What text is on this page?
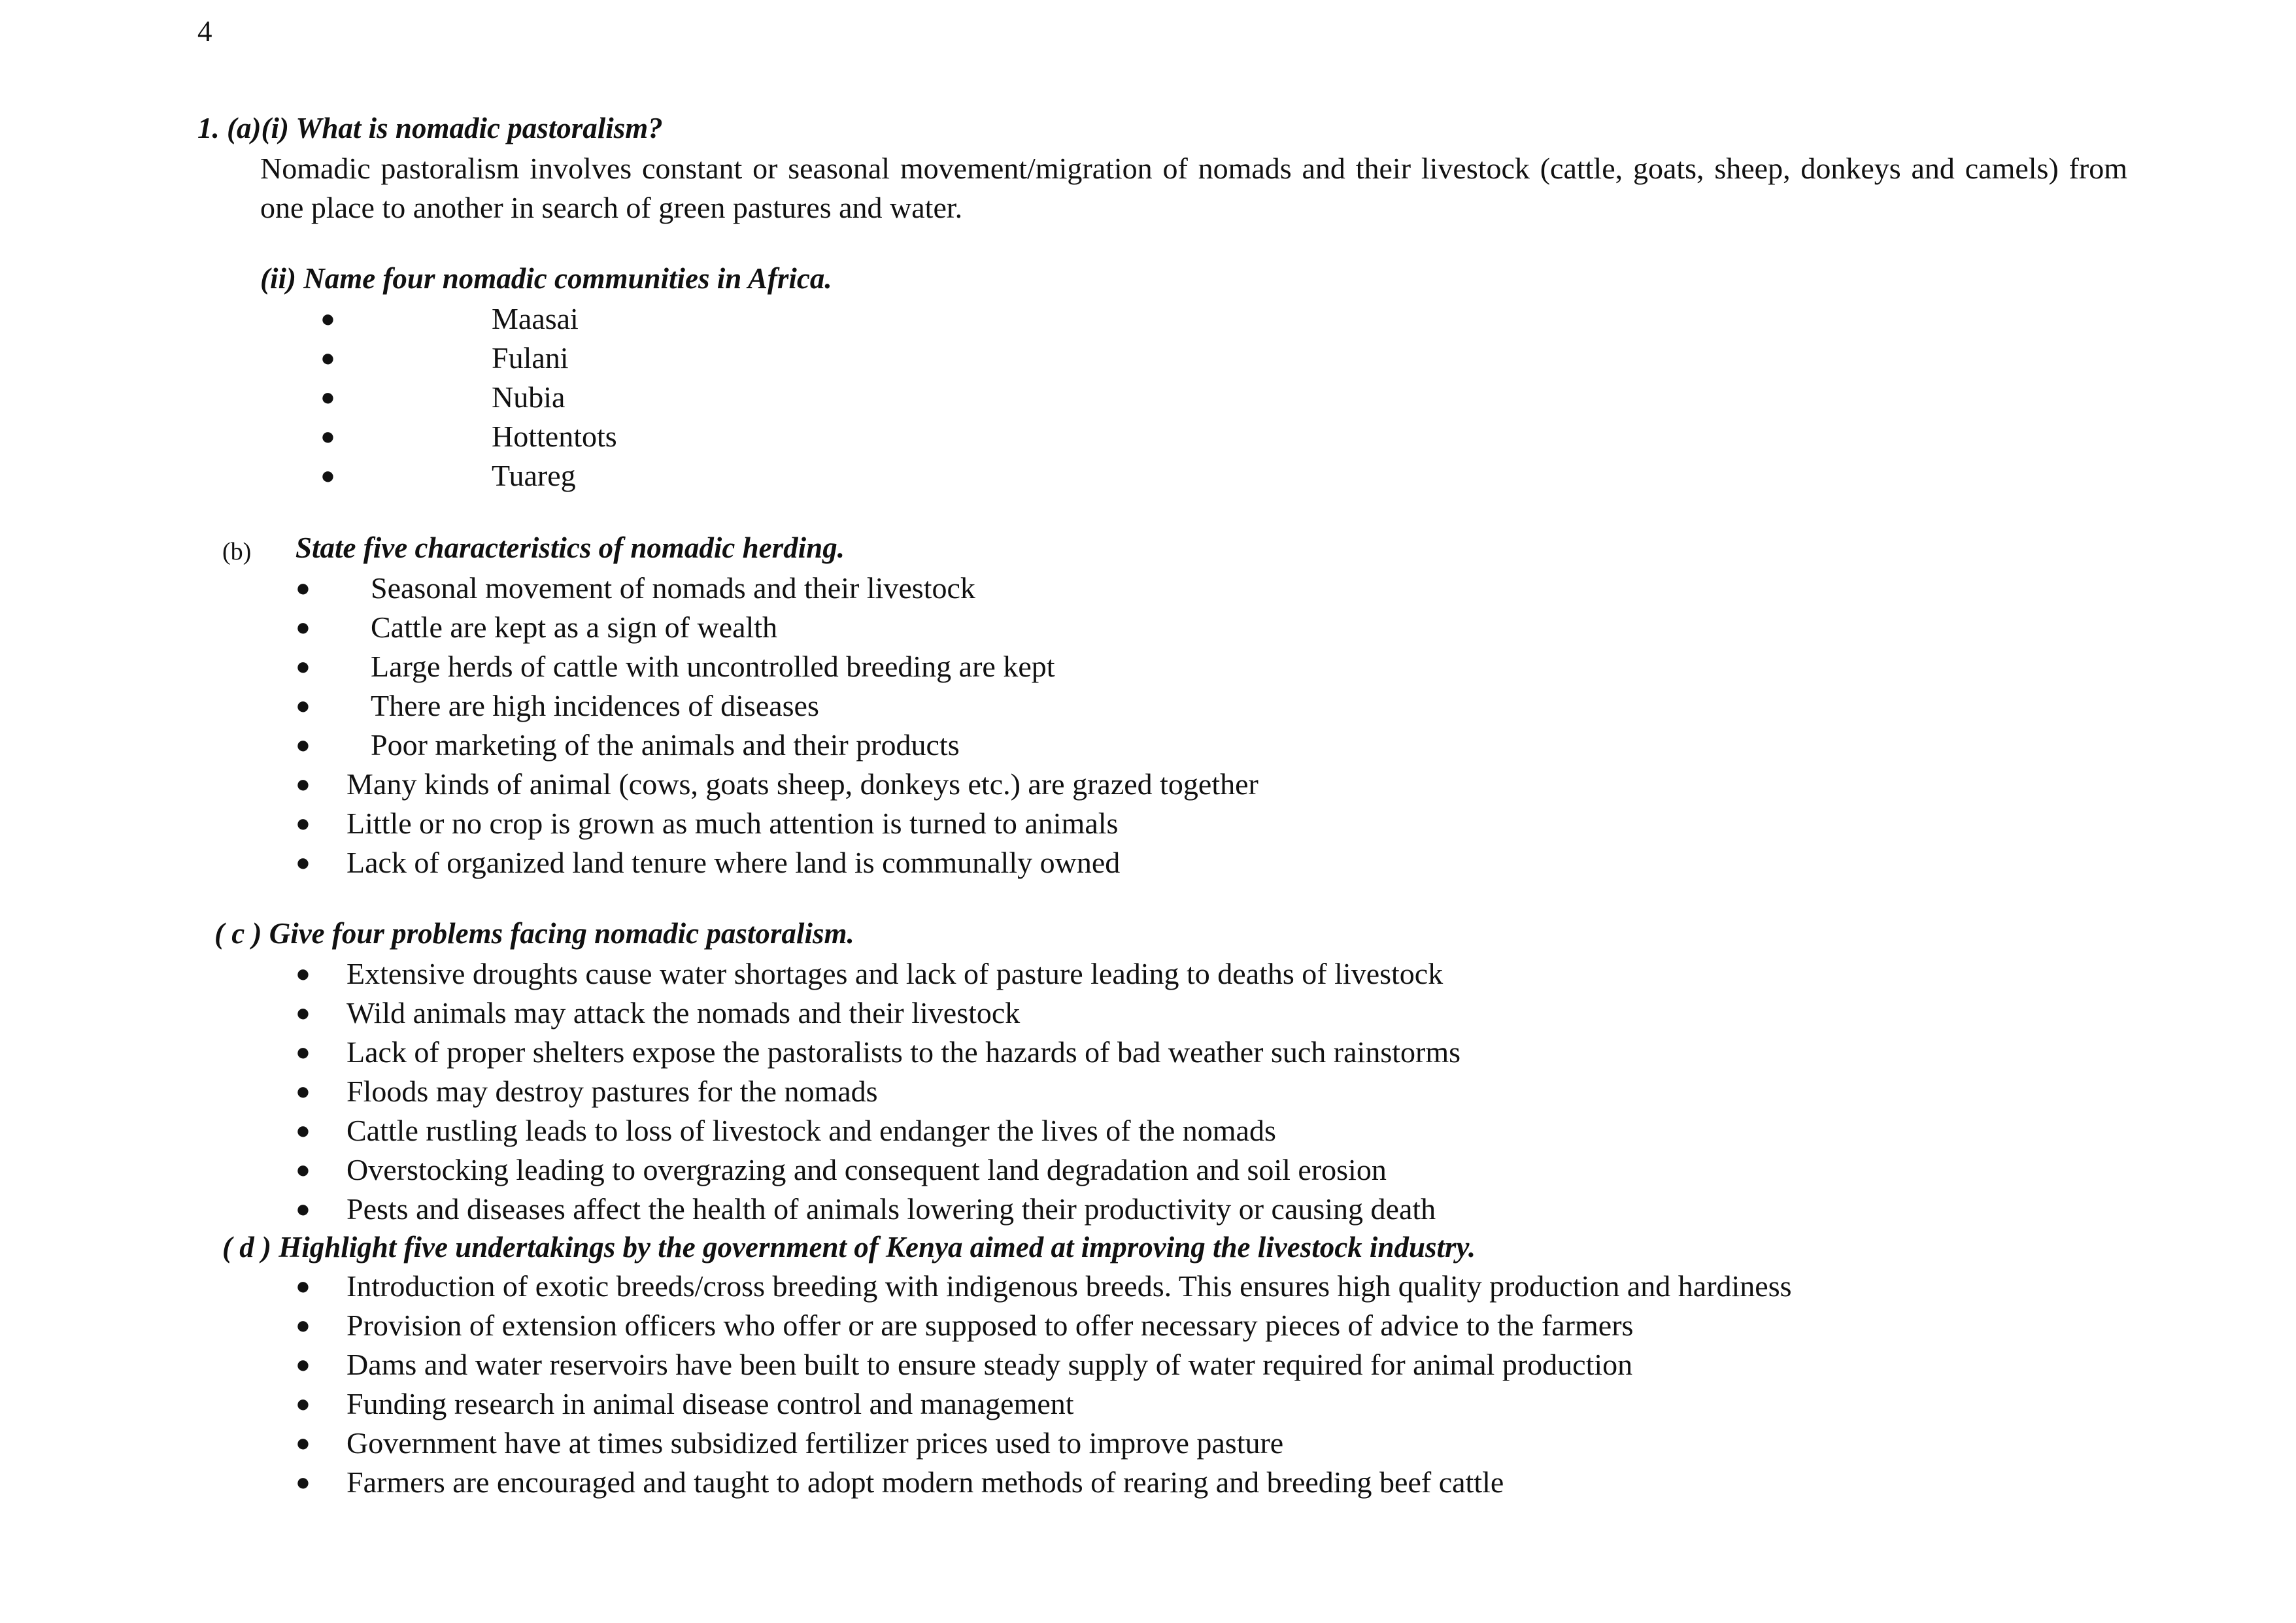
4
1. (a)(i) What is nomadic pastoralism?
Nomadic pastoralism involves constant or seasonal movement/migration of nomads and their livestock (cattle, goats, sheep, donkeys and camels) from one place to another in search of green pastures and water.
(ii) Name four nomadic communities in Africa.
●	Maasai
●	Fulani
●	Nubia
●	Hottentots
●	Tuareg
(b) State five characteristics of nomadic herding.
● Seasonal movement of nomads and their livestock
● Cattle are kept as a sign of wealth
● Large herds of cattle with uncontrolled breeding are kept
● There are high incidences of diseases
● Poor marketing of the animals and their products
● Many kinds of animal (cows, goats sheep, donkeys etc.) are grazed together
● Little or no crop is grown as much attention is turned to animals
● Lack of organized land tenure where land is communally owned
( c ) Give four problems facing nomadic pastoralism.
● Extensive droughts cause water shortages and lack of pasture leading to deaths of livestock
● Wild animals may attack the nomads and their livestock
● Lack of proper shelters expose the pastoralists to the hazards of bad weather such rainstorms
● Floods may destroy pastures for the nomads
● Cattle rustling leads to loss of livestock and endanger the lives of the nomads
● Overstocking leading to overgrazing and consequent land degradation and soil erosion
● Pests and diseases affect the health of animals lowering their productivity or causing death
( d ) Highlight five undertakings by the government of Kenya aimed at improving the livestock industry.
● Introduction of exotic breeds/cross breeding with indigenous breeds. This ensures high quality production and hardiness
● Provision of extension officers who offer or are supposed to offer necessary pieces of advice to the farmers
● Dams and water reservoirs have been built to ensure steady supply of water required for animal production
● Funding research in animal disease control and management
● Government have at times subsidized fertilizer prices used to improve pasture
● Farmers are encouraged and taught to adopt modern methods of rearing and breeding beef cattle
